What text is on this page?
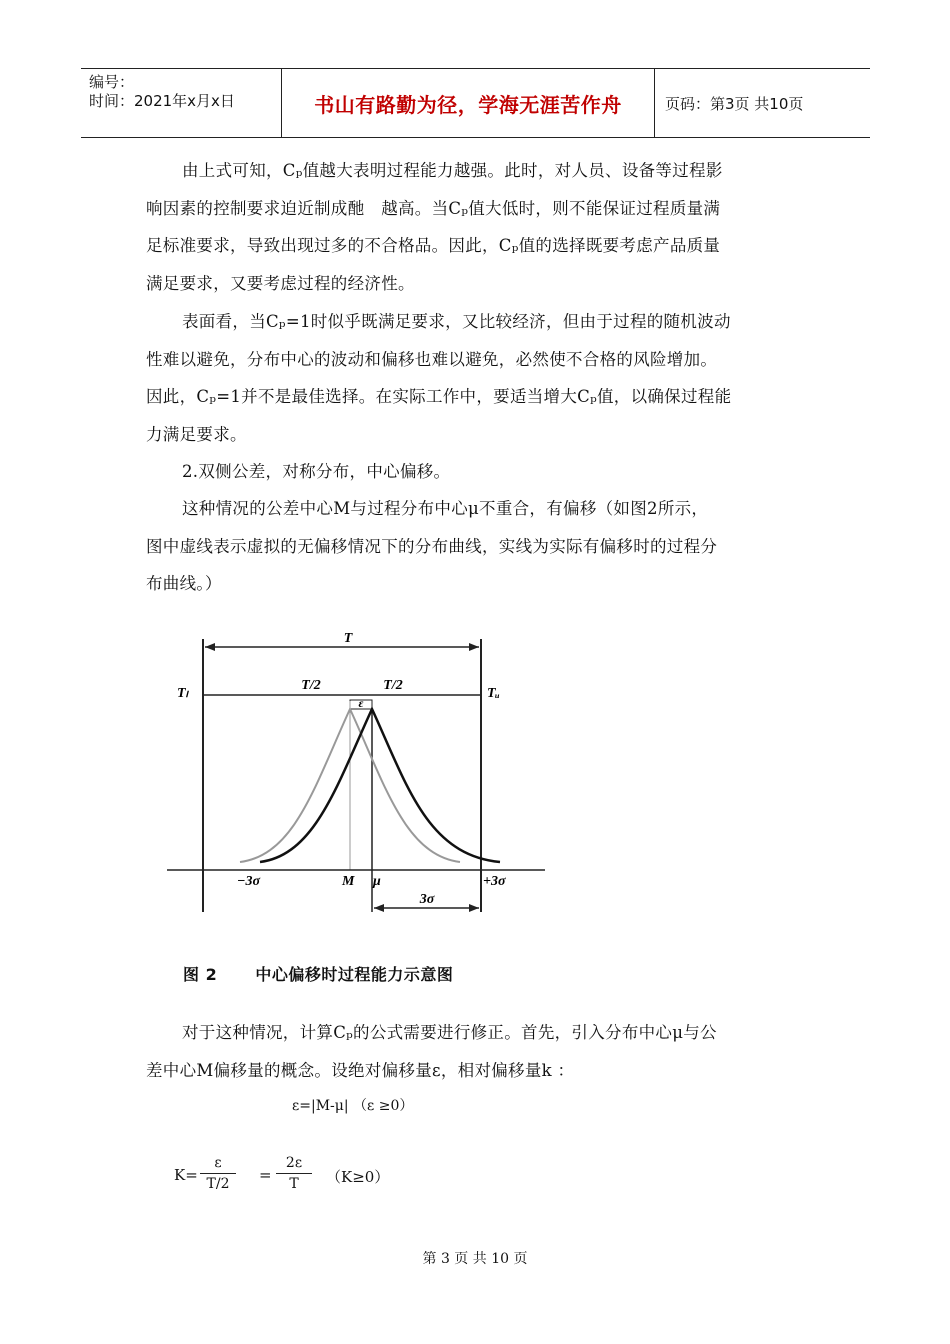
编号：
时间：2021年x月x日	书山有路勤为径，学海无涯苦作舟	页码：第3页 共10页
由上式可知，Cₚ值越大表明过程能力越强。此时，对人员、设备等过程影
响因素的控制要求迫近制成酏　越高。当Cₚ值大低时，则不能保证过程质量满
足标准要求，导致出现过多的不合格品。因此，Cₚ值的选择既要考虑产品质量
满足要求，又要考虑过程的经济性。
表面看，当Cₚ=1时似乎既满足要求，又比较经济，但由于过程的随机波动
性难以避免，分布中心的波动和偏移也难以避免，必然使不合格的风险增加。
因此，Cₚ=1并不是最佳选择。在实际工作中，要适当增大Cₚ值，以确保过程能
力满足要求。
2.双侧公差，对称分布，中心偏移。
这种情况的公差中心M与过程分布中心μ不重合，有偏移（如图2所示，
图中虚线表示虚拟的无偏移情况下的分布曲线，实线为实际有偏移时的过程分
布曲线。）
T
T/2	T/2
Tₗ	Tᵤ
ε
−3σ	M μ	+3σ
3σ
图 2 中心偏移时过程能力示意图
对于这种情况，计算Cₚ的公式需要进行修正。首先，引入分布中心μ与公
差中心M偏移量的概念。设绝对偏移量ε，相对偏移量k ：
ε=|M-μ| （ε ≥0）
K=
ε
T/2	=
2ε
T	（K≥0）
第 3 页 共 10 页
